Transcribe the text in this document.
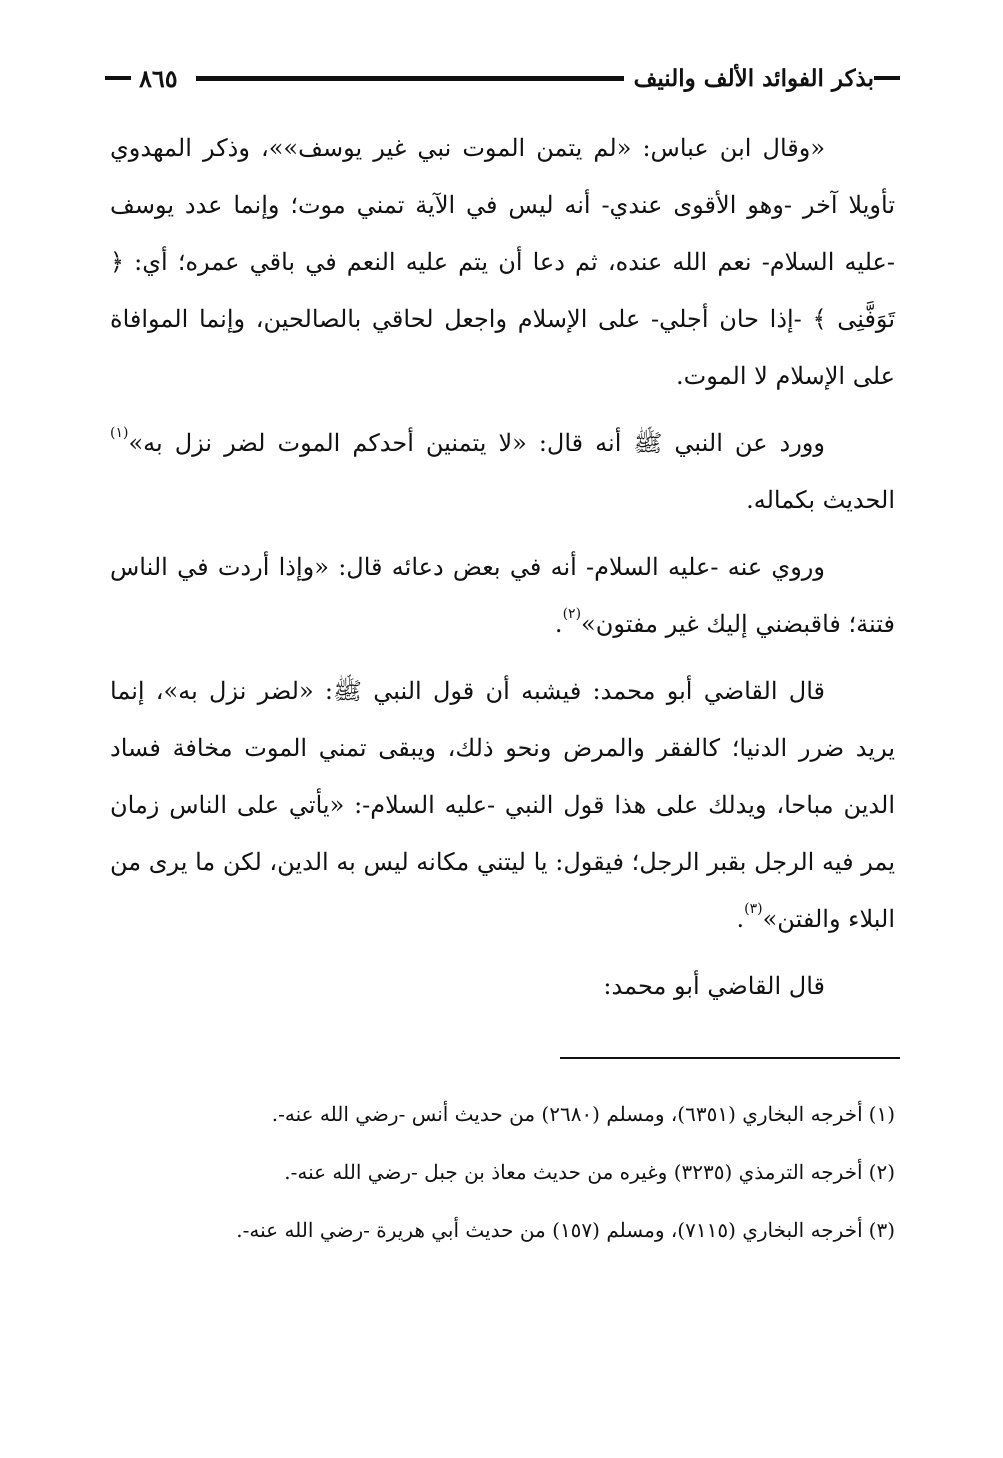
٨٦٥	بذكر الفوائد الألف والنيف

«وقال ابن عباس: «لم يتمن الموت نبي غير يوسف»»، وذكر المهدوي تأويلا آخر -وهو الأقوى عندي- أنه ليس في الآية تمني موت؛ وإنما عدد يوسف -عليه السلام- نعم الله عنده، ثم دعا أن يتم عليه النعم في باقي عمره؛ أي: ﴿ تَوَفَّنِى ﴾ -إذا حان أجلي- على الإسلام واجعل لحاقي بالصالحين، وإنما الموافاة على الإسلام لا الموت.

وورد عن النبي ﷺ أنه قال: «لا يتمنين أحدكم الموت لضر نزل به»$^{(١)}$ الحديث بكماله.

وروي عنه -عليه السلام- أنه في بعض دعائه قال: «وإذا أردت في الناس فتنة؛ فاقبضني إليك غير مفتون»$^{(٢)}$.

قال القاضي أبو محمد: فيشبه أن قول النبي ﷺ: «لضر نزل به»، إنما يريد ضرر الدنيا؛ كالفقر والمرض ونحو ذلك، ويبقى تمني الموت مخافة فساد الدين مباحا، ويدلك على هذا قول النبي -عليه السلام-: «يأتي على الناس زمان يمر فيه الرجل بقبر الرجل؛ فيقول: يا ليتني مكانه ليس به الدين، لكن ما يرى من البلاء والفتن»$^{(٣)}$.

قال القاضي أبو محمد:

(١)أخرجه البخاري (٦٣٥١)، ومسلم (٢٦٨٠) من حديث أنس -رضي الله عنه-.

(٢)أخرجه الترمذي (٣٢٣٥) وغيره من حديث معاذ بن جبل -رضي الله عنه-.

(٣)أخرجه البخاري (٧١١٥)، ومسلم (١٥٧) من حديث أبي هريرة -رضي الله عنه-.
